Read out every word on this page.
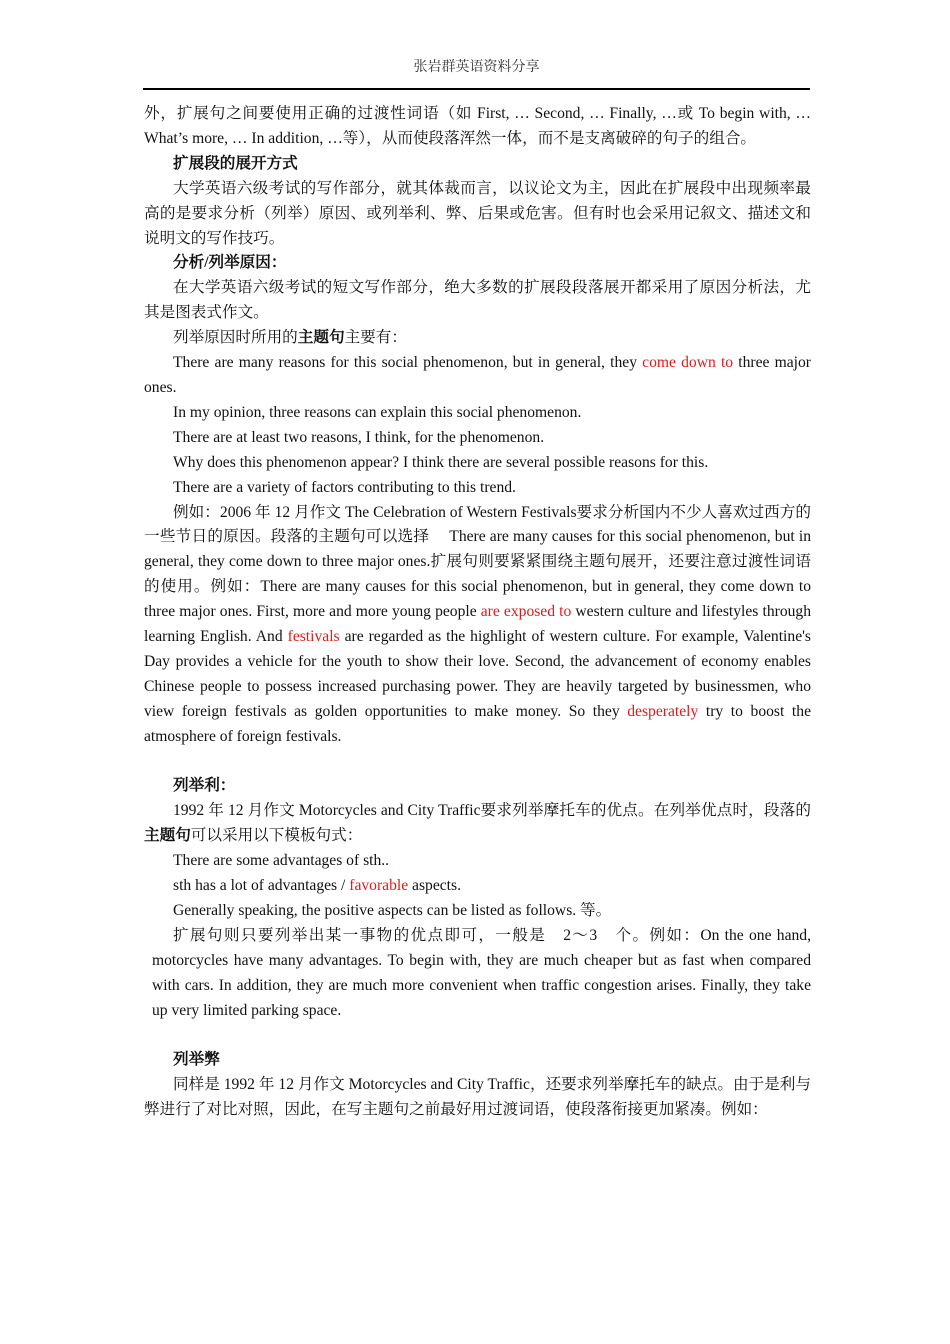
张岩群英语资料分享

外，扩展句之间要使用正确的过渡性词语（如 First, … Second, … Finally, …或 To begin with, … What’s more, … In addition, …等），从而使段落浑然一体，而不是支离破碎的句子的组合。

扩展段的展开方式

大学英语六级考试的写作部分，就其体裁而言，以议论文为主，因此在扩展段中出现频率最高的是要求分析（列举）原因、或列举利、弊、后果或危害。但有时也会采用记叙文、描述文和说明文的写作技巧。

分析/列举原因：

在大学英语六级考试的短文写作部分，绝大多数的扩展段段落展开都采用了原因分析法，尤其是图表式作文。

列举原因时所用的主题句主要有：

There are many reasons for this social phenomenon, but in general, they come down to three major ones.

In my opinion, three reasons can explain this social phenomenon.

There are at least two reasons, I think, for the phenomenon.

Why does this phenomenon appear? I think there are several possible reasons for this.

There are a variety of factors contributing to this trend.

例如：2006 年 12 月作文 The Celebration of Western Festivals要求分析国内不少人喜欢过西方的一些节日的原因。段落的主题句可以选择　 There are many causes for this social phenomenon, but in general, they come down to three major ones.扩展句则要紧紧围绕主题句展开，还要注意过渡性词语的使用。例如：There are many causes for this social phenomenon, but in general, they come down to three major ones. First, more and more young people are exposed to western culture and lifestyles through learning English. And festivals are regarded as the highlight of western culture. For example, Valentine's Day provides a vehicle for the youth to show their love. Second, the advancement of economy enables Chinese people to possess increased purchasing power. They are heavily targeted by businessmen, who view foreign festivals as golden opportunities to make money. So they desperately try to boost the atmosphere of foreign festivals.

列举利：

1992 年 12 月作文 Motorcycles and City Traffic要求列举摩托车的优点。在列举优点时，段落的主题句可以采用以下模板句式：

There are some advantages of sth..

sth has a lot of advantages / favorable aspects.

Generally speaking, the positive aspects can be listed as follows. 等。

扩展句则只要列举出某一事物的优点即可，一般是　2～3　个。例如：On the one hand, motorcycles have many advantages. To begin with, they are much cheaper but as fast when compared with cars. In addition, they are much more convenient when traffic congestion arises. Finally, they take up very limited parking space.

列举弊

同样是 1992 年 12 月作文 Motorcycles and City Traffic，还要求列举摩托车的缺点。由于是利与弊进行了对比对照，因此，在写主题句之前最好用过渡词语，使段落衔接更加紧凑。例如：
